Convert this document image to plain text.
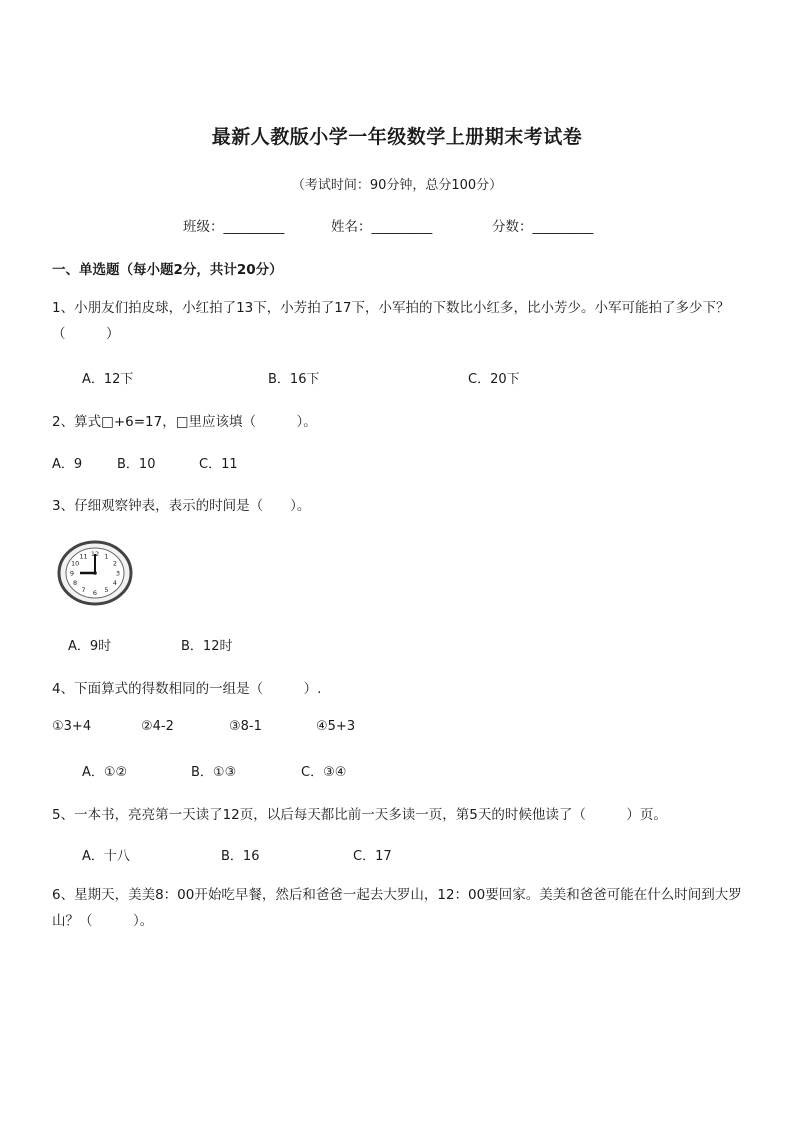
最新人教版小学一年级数学上册期末考试卷
（考试时间：90分钟，总分100分）
班级：_________	姓名：_________	分数：_________
一、单选题（每小题2分，共计20分）
1、小朋友们拍皮球，小红拍了13下，小芳拍了17下，小军拍的下数比小红多，比小芳少。小军可能拍了多少下？（　　　）
A．12下	B．16下	C．20下
2、算式□+6=17，□里应该填（　　　）。
A．9	B．10	C．11
3、仔细观察钟表，表示的时间是（　　）。
12 1
2
3
4
5
6
7
8
9
10
11
A．9时	B．12时
4、下面算式的得数相同的一组是（　　　）.
①3+4	②4-2	③8-1	④5+3
A．①②	B．①③	C．③④
5、一本书，亮亮第一天读了12页，以后每天都比前一天多读一页，第5天的时候他读了（　　　）页。
A．十八	B．16	C．17
6、星期天，美美8：00开始吃早餐，然后和爸爸一起去大罗山，12：00要回家。美美和爸爸可能在什么时间到大罗山？（　　　）。
